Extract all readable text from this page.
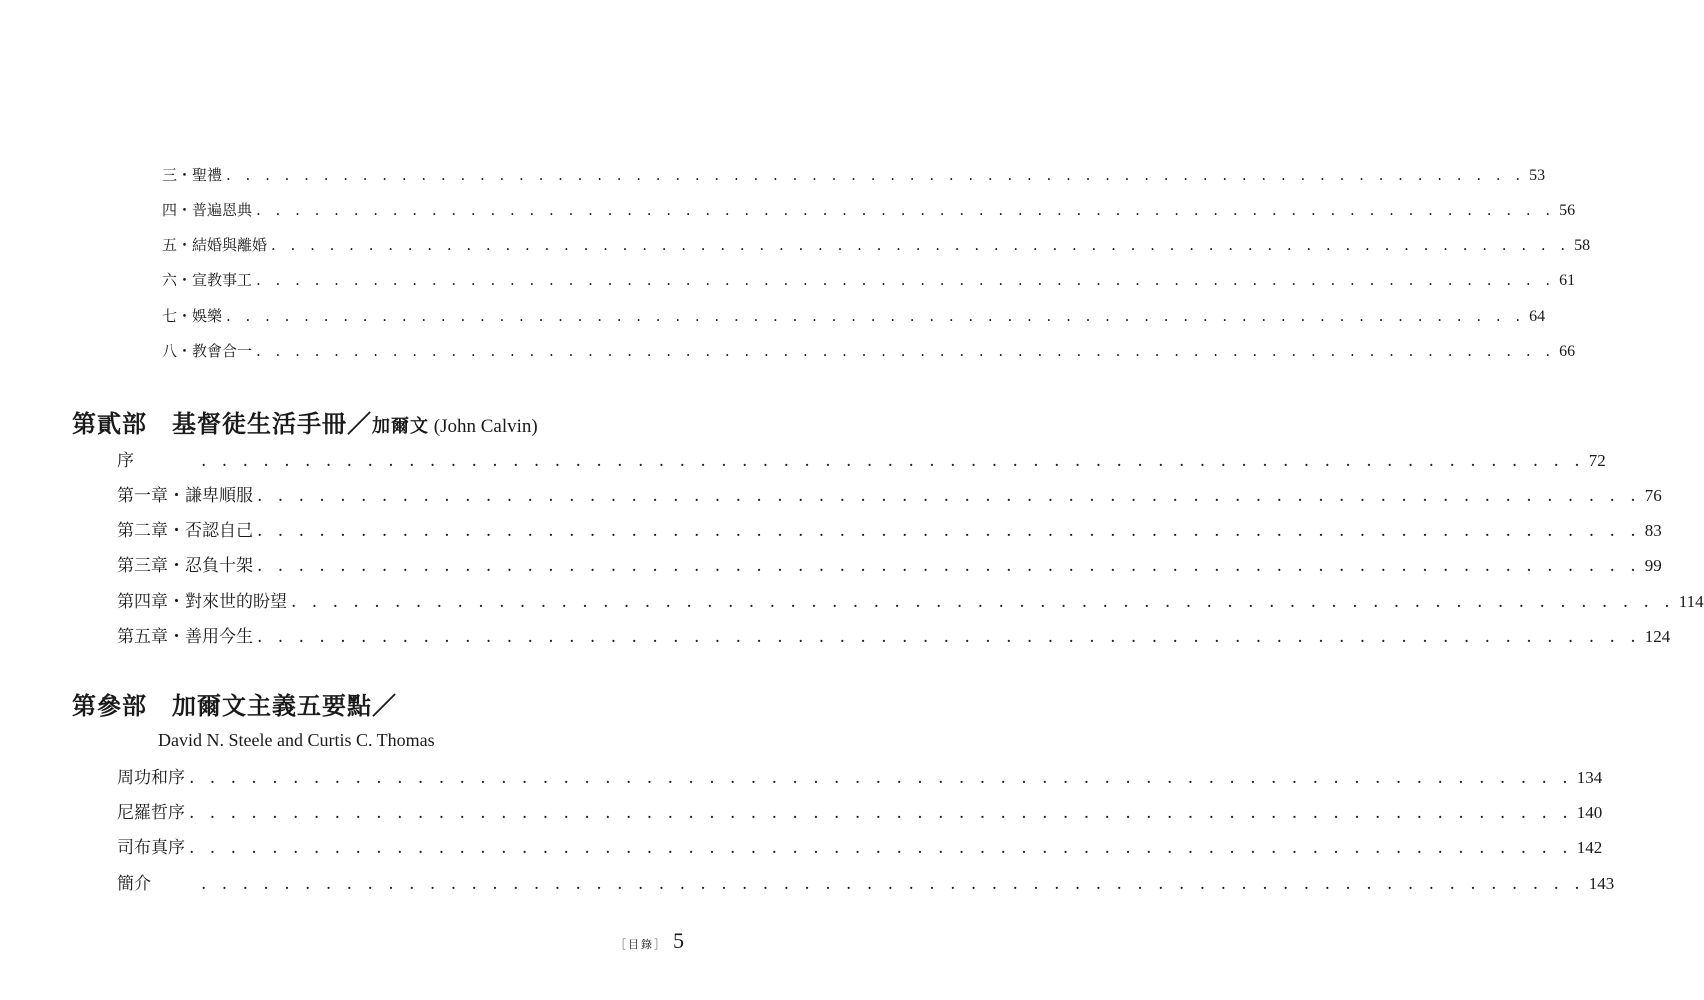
三・聖禮 . . . . . . . . . . . . . . . . . . . . . . . . . . . . . . . . . . . . . . . . . . . . . . . . . . . . . . . . . . . . . . . . . . . 53
四・普遍恩典 . . . . . . . . . . . . . . . . . . . . . . . . . . . . . . . . . . . . . . . . . . . . . . . . . . . . . . . . . . . . . . . . . . . 56
五・結婚與離婚 . . . . . . . . . . . . . . . . . . . . . . . . . . . . . . . . . . . . . . . . . . . . . . . . . . . . . . . . . . . . . . . . . . . 58
六・宣教事工 . . . . . . . . . . . . . . . . . . . . . . . . . . . . . . . . . . . . . . . . . . . . . . . . . . . . . . . . . . . . . . . . . . . 61
七・娛樂 . . . . . . . . . . . . . . . . . . . . . . . . . . . . . . . . . . . . . . . . . . . . . . . . . . . . . . . . . . . . . . . . . . . 64
八・教會合一 . . . . . . . . . . . . . . . . . . . . . . . . . . . . . . . . . . . . . . . . . . . . . . . . . . . . . . . . . . . . . . . . . . . 66
第貳部　基督徒生活手冊／加爾文 (John Calvin)
序	. . . . . . . . . . . . . . . . . . . . . . . . . . . . . . . . . . . . . . . . . . . . . . . . . . . . . . . . . . . . . . . . . . . 72
第一章・謙卑順服 . . . . . . . . . . . . . . . . . . . . . . . . . . . . . . . . . . . . . . . . . . . . . . . . . . . . . . . . . . . . . . . . . . . 76
第二章・否認自己 . . . . . . . . . . . . . . . . . . . . . . . . . . . . . . . . . . . . . . . . . . . . . . . . . . . . . . . . . . . . . . . . . . . 83
第三章・忍負十架 . . . . . . . . . . . . . . . . . . . . . . . . . . . . . . . . . . . . . . . . . . . . . . . . . . . . . . . . . . . . . . . . . . . 99
第四章・對來世的盼望 . . . . . . . . . . . . . . . . . . . . . . . . . . . . . . . . . . . . . . . . . . . . . . . . . . . . . . . . . . . . . . . . . . . 114
第五章・善用今生 . . . . . . . . . . . . . . . . . . . . . . . . . . . . . . . . . . . . . . . . . . . . . . . . . . . . . . . . . . . . . . . . . . . 124
第參部　加爾文主義五要點／
David N. Steele and Curtis C. Thomas
周功和序 . . . . . . . . . . . . . . . . . . . . . . . . . . . . . . . . . . . . . . . . . . . . . . . . . . . . . . . . . . . . . . . . . . . 134
尼羅哲序 . . . . . . . . . . . . . . . . . . . . . . . . . . . . . . . . . . . . . . . . . . . . . . . . . . . . . . . . . . . . . . . . . . . 140
司布真序 . . . . . . . . . . . . . . . . . . . . . . . . . . . . . . . . . . . . . . . . . . . . . . . . . . . . . . . . . . . . . . . . . . . 142
簡介	. . . . . . . . . . . . . . . . . . . . . . . . . . . . . . . . . . . . . . . . . . . . . . . . . . . . . . . . . . . . . . . . . . . 143
［目錄］ 5
